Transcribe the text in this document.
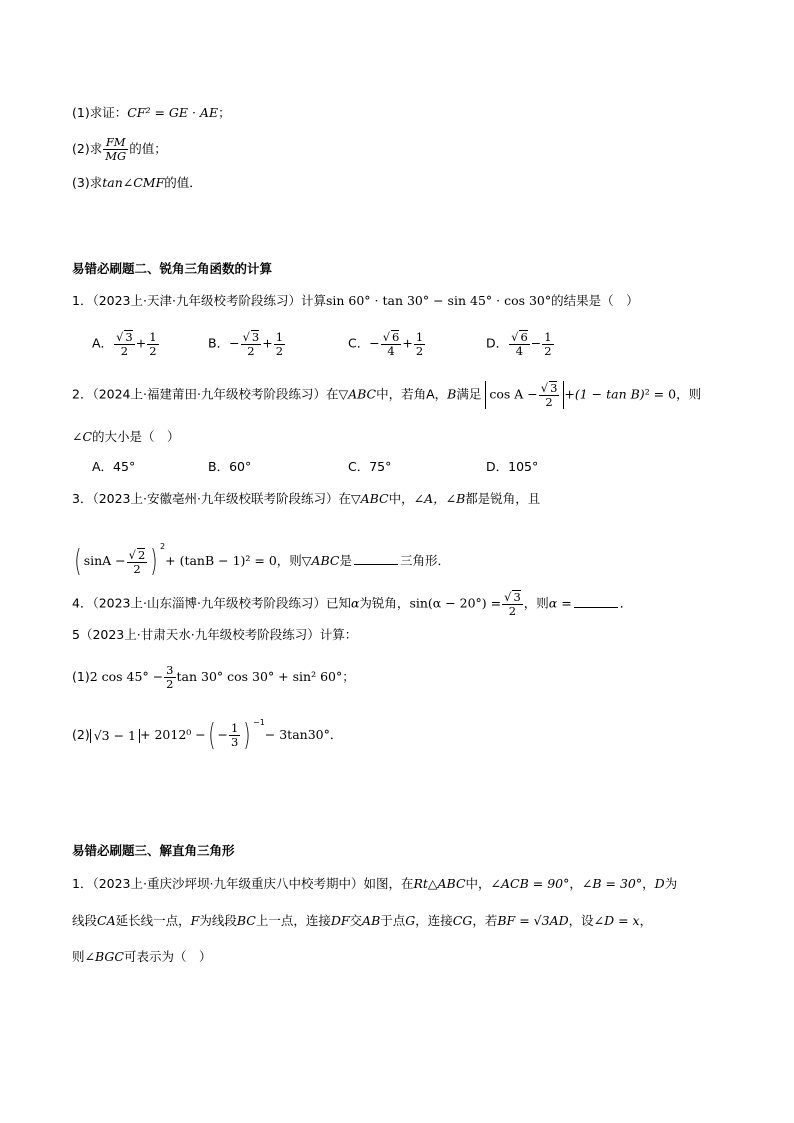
(1)求证：CF² = GE · AE；
(2)求 $\frac{FM}{MG}$ 的值；
(3)求tan∠CMF的值．
易错必刷题二、锐角三角函数的计算
1．（2023上·天津·九年级校考阶段练习）计算sin 60° · tan 30° − sin 45° · cos 30°的结果是（　）
A． $\frac{√ 3}{2} + \frac{1}{2}$	B．− $\frac{√ 3}{2} + \frac{1}{2}$	C．− $\frac{√ 6}{4} + \frac{1}{2}$	D． $\frac{√ 6}{4} - \frac{1}{2}$
2．（2024上·福建莆田·九年级校考阶段练习）在▽ABC中，若角A，B满足 $\cos A - \frac{√ 3}{2} +(1 - \tan B)^2 = 0$，则
∠C的大小是（　）
A．45°	B．60°	C．75°	D．105°
3．（2023上·安徽亳州·九年级校联考阶段练习）在▽ABC中，∠A，∠B都是锐角，且
( $\sin A - \frac{√ 2}{2}$ ) $^2$+ (tanB − 1)² = 0，则▽ABC是	三角形．
4．（2023上·山东淄博·九年级校考阶段练习）已知α为锐角，$\sin(\alpha - 20^\circ) = \frac{√ 3}{2}$ ，则α =	．
5（2023上·甘肃天水·九年级校考阶段练习）计算：
(1)2 $\cos 45^\circ - \frac{3}{2}$ tan 30° cos 30° + sin² 60°；
(2) √3 − 1 + 2012⁰ −( − $\frac{1}{3}$ ) $^{-1}$− 3tan30°．
易错必刷题三、解直角三角形
1．（2023上·重庆沙坪坝·九年级重庆八中校考期中）如图，在Rt△ABC中，∠ACB = 90°，∠B = 30°，D为
线段CA延长线一点，F为线段BC上一点，连接DF交AB于点G，连接CG，若BF = √3AD，设∠D = x，
则∠BGC可表示为（　）
